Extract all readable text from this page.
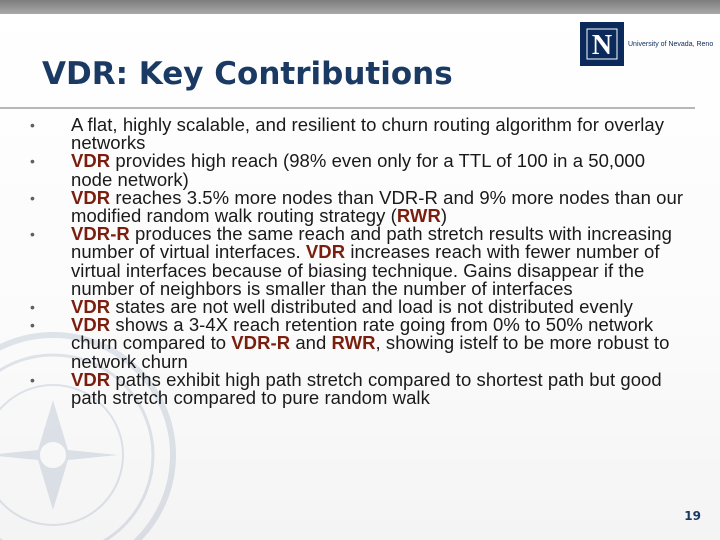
N University of Nevada, Reno
VDR: Key Contributions
• A flat, highly scalable, and resilient to churn routing algorithm for overlay networks
• VDR provides high reach (98% even only for a TTL of 100 in a 50,000 node network)
• VDR reaches 3.5% more nodes than VDR-R and 9% more nodes than our modified random walk routing strategy (RWR)
• VDR-R produces the same reach and path stretch results with increasing number of virtual interfaces. VDR increases reach with fewer number of virtual interfaces because of biasing technique. Gains disappear if the number of neighbors is smaller than the number of interfaces
• VDR states are not well distributed and load is not distributed evenly
• VDR shows a 3-4X reach retention rate going from 0% to 50% network churn compared to VDR-R and RWR, showing istelf to be more robust to network churn
• VDR paths exhibit high path stretch compared to shortest path but good path stretch compared to pure random walk
19
